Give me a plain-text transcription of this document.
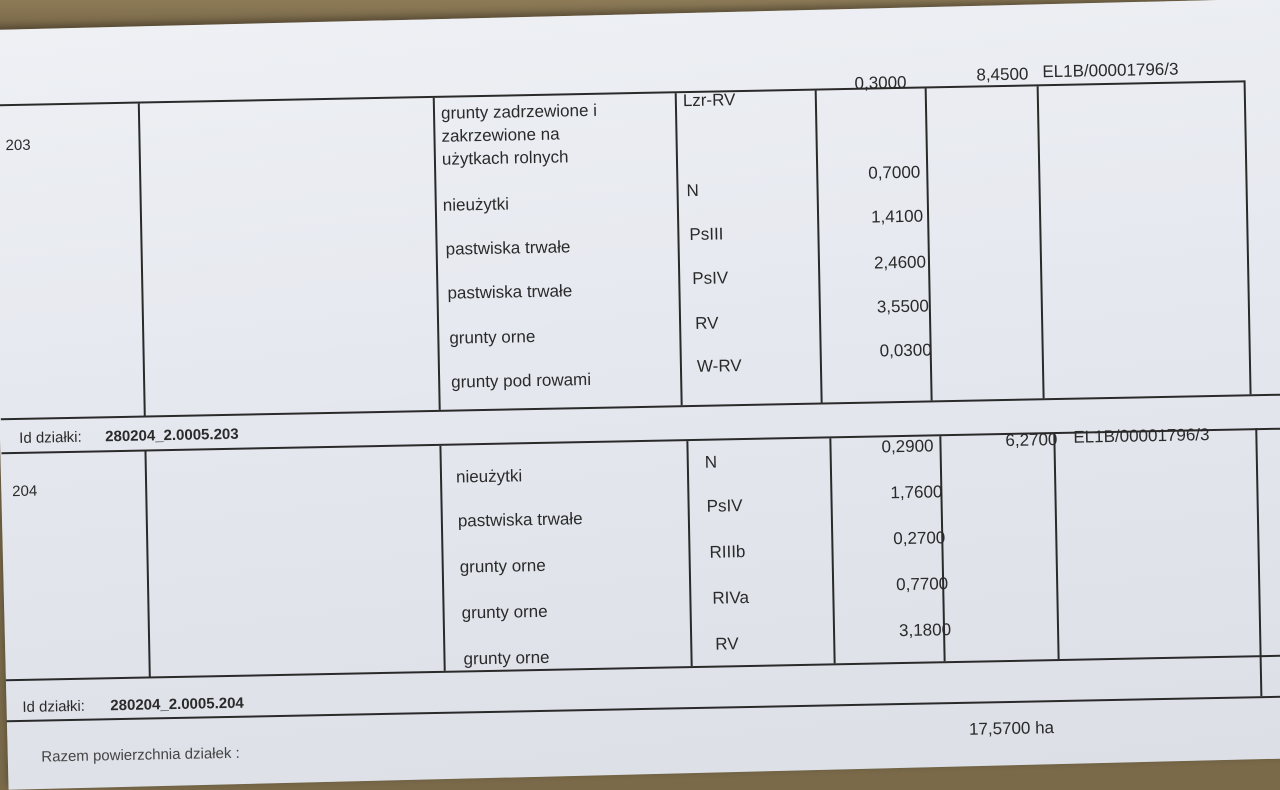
203
grunty zadrzewione i
zakrzewione na
użytkach rolnych
Lzr-RV
0,3000	8,4500 EL1B/00001796/3
nieużytki
N
0,7000
pastwiska trwałe
PsIII
1,4100
pastwiska trwałe
PsIV
2,4600
grunty orne
RV
3,5500
grunty pod rowami
W-RV
0,0300
Id działki: 280204_2.0005.203
204
nieużytki
N
0,2900	6,2700 EL1B/00001796/3
pastwiska trwałe
PsIV
1,7600
grunty orne
RIIIb
0,2700
grunty orne
RIVa
0,7700
grunty orne
RV
3,1800
Id działki: 280204_2.0005.204
Razem powierzchnia działek :
17,5700 ha
